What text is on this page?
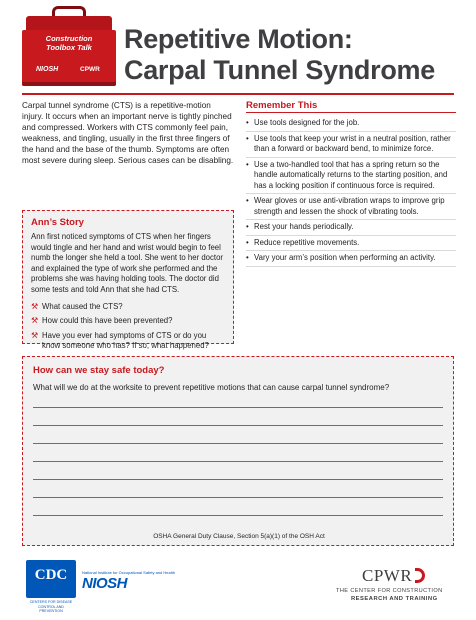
Construction
Toolbox Talk
NIOSH	CPWR
Repetitive Motion:
Carpal Tunnel Syndrome

Carpal tunnel syndrome (CTS) is a repetitive-motion injury. It occurs when an important nerve is tightly pinched and compressed. Workers with CTS commonly feel pain, weakness, and tingling, usually in the first three fingers of the hand and the base of the thumb. Symptoms are often most severe during sleep. Serious cases can be disabling.

Ann’s Story

Ann first noticed symptoms of CTS when her fingers would tingle and her hand and wrist would begin to feel numb the longer she held a tool. She went to her doctor and explained the type of work she performed and the problems she was having holding tools. The doctor did some tests and told Ann that she had CTS.

⚒ What caused the CTS?
⚒ How could this have been prevented?
⚒ Have you ever had symptoms of CTS or do you know someone who has? If so, what happened?
Remember This
• Use tools designed for the job.
• Use tools that keep your wrist in a neutral position, rather than a forward or backward bend, to minimize force.
• Use a two-handled tool that has a spring return so the handle automatically returns to the starting position, and has a locking position if continuous force is required.
• Wear gloves or use anti-vibration wraps to improve grip strength and lessen the shock of vibrating tools.
• Rest your hands periodically.
• Reduce repetitive movements.
• Vary your arm’s position when performing an activity.
How can we stay safe today?
What will we do at the worksite to prevent repetitive motions that can cause carpal tunnel syndrome?
OSHA General Duty Clause, Section 5(a)(1) of the OSH Act
CDC
CENTERS FOR DISEASE CONTROL AND PREVENTION
National Institute for Occupational Safety and Health
NIOSH	CPWR
THE CENTER FOR CONSTRUCTION
RESEARCH AND TRAINING
